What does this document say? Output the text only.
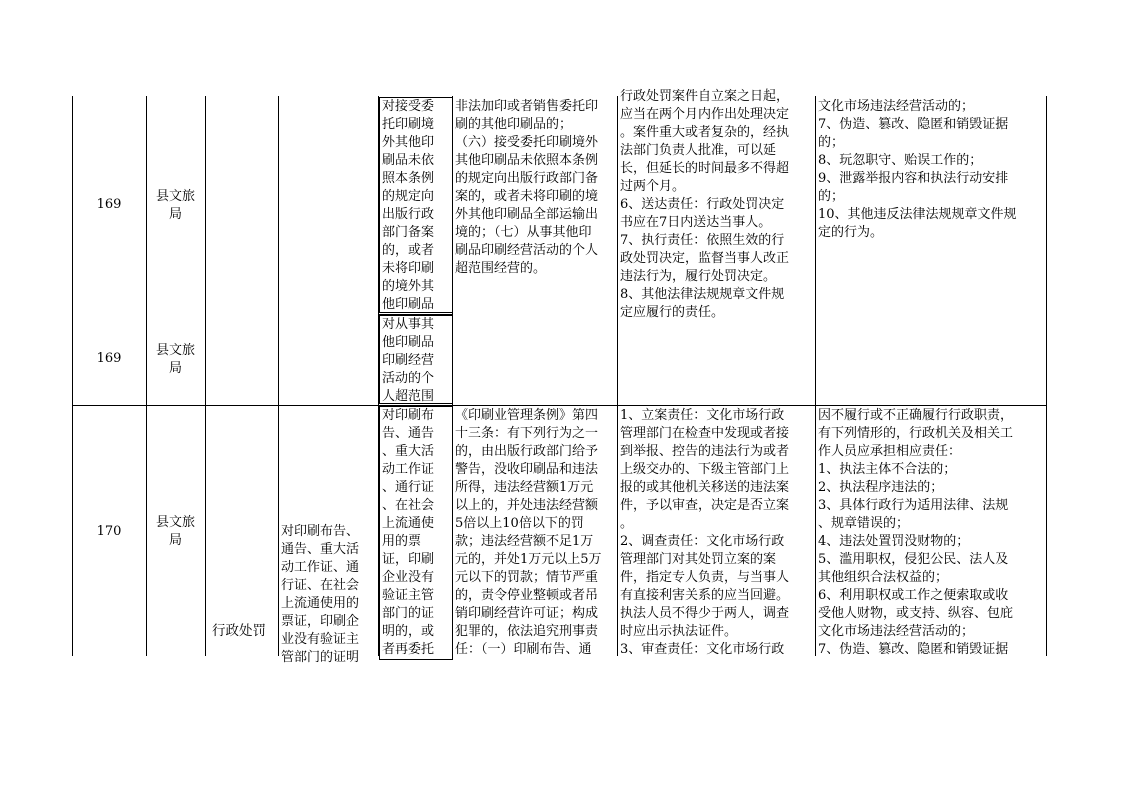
169
县文旅
局
对接受委
托印刷境
外其他印
刷品未依
照本条例
的规定向
出版行政
部门备案
的，或者
未将印刷
的境外其
他印刷品
非法加印或者销售委托印
刷的其他印刷品的；
（六）接受委托印刷境外
其他印刷品未依照本条例
的规定向出版行政部门备
案的，或者未将印刷的境
外其他印刷品全部运输出
境的；（七）从事其他印
刷品印刷经营活动的个人
超范围经营的。
行政处罚案件自立案之日起，
应当在两个月内作出处理决定
。案件重大或者复杂的，经执
法部门负责人批准，可以延
长，但延长的时间最多不得超
过两个月。
6、送达责任：行政处罚决定
书应在7日内送达当事人。
7、执行责任：依照生效的行
政处罚决定，监督当事人改正
违法行为，履行处罚决定。
8、其他法律法规规章文件规
定应履行的责任。
文化市场违法经营活动的；
7、伪造、篡改、隐匿和销毁证据
的；
8、玩忽职守、贻误工作的；
9、泄露举报内容和执法行动安排
的；
10、其他违反法律法规规章文件规
定的行为。
169
县文旅
局
对从事其
他印刷品
印刷经营
活动的个
人超范围
170
县文旅
局
行政处罚
对印刷布告、
通告、重大活
动工作证、通
行证、在社会
上流通使用的
票证，印刷企
业没有验证主
管部门的证明
对印刷布
告、通告
、重大活
动工作证
、通行证
、在社会
上流通使
用的票
证，印刷
企业没有
验证主管
部门的证
明的，或
者再委托
《印刷业管理条例》第四
十三条：有下列行为之一
的，由出版行政部门给予
警告，没收印刷品和违法
所得，违法经营额1万元
以上的，并处违法经营额
5倍以上10倍以下的罚
款；违法经营额不足1万
元的，并处1万元以上5万
元以下的罚款；情节严重
的，责令停业整顿或者吊
销印刷经营许可证；构成
犯罪的，依法追究刑事责
任：（一）印刷布告、通
1、立案责任：文化市场行政
管理部门在检查中发现或者接
到举报、控告的违法行为或者
上级交办的、下级主管部门上
报的或其他机关移送的违法案
件，予以审查，决定是否立案
。
2、调查责任：文化市场行政
管理部门对其处罚立案的案
件，指定专人负责，与当事人
有直接利害关系的应当回避。
执法人员不得少于两人，调查
时应出示执法证件。
3、审查责任：文化市场行政
因不履行或不正确履行行政职责，
有下列情形的，行政机关及相关工
作人员应承担相应责任：
1、执法主体不合法的；
2、执法程序违法的；
3、具体行政行为适用法律、法规
、规章错误的；
4、违法处置罚没财物的；
5、滥用职权，侵犯公民、法人及
其他组织合法权益的；
6、利用职权或工作之便索取或收
受他人财物，或支持、纵容、包庇
文化市场违法经营活动的；
7、伪造、篡改、隐匿和销毁证据
